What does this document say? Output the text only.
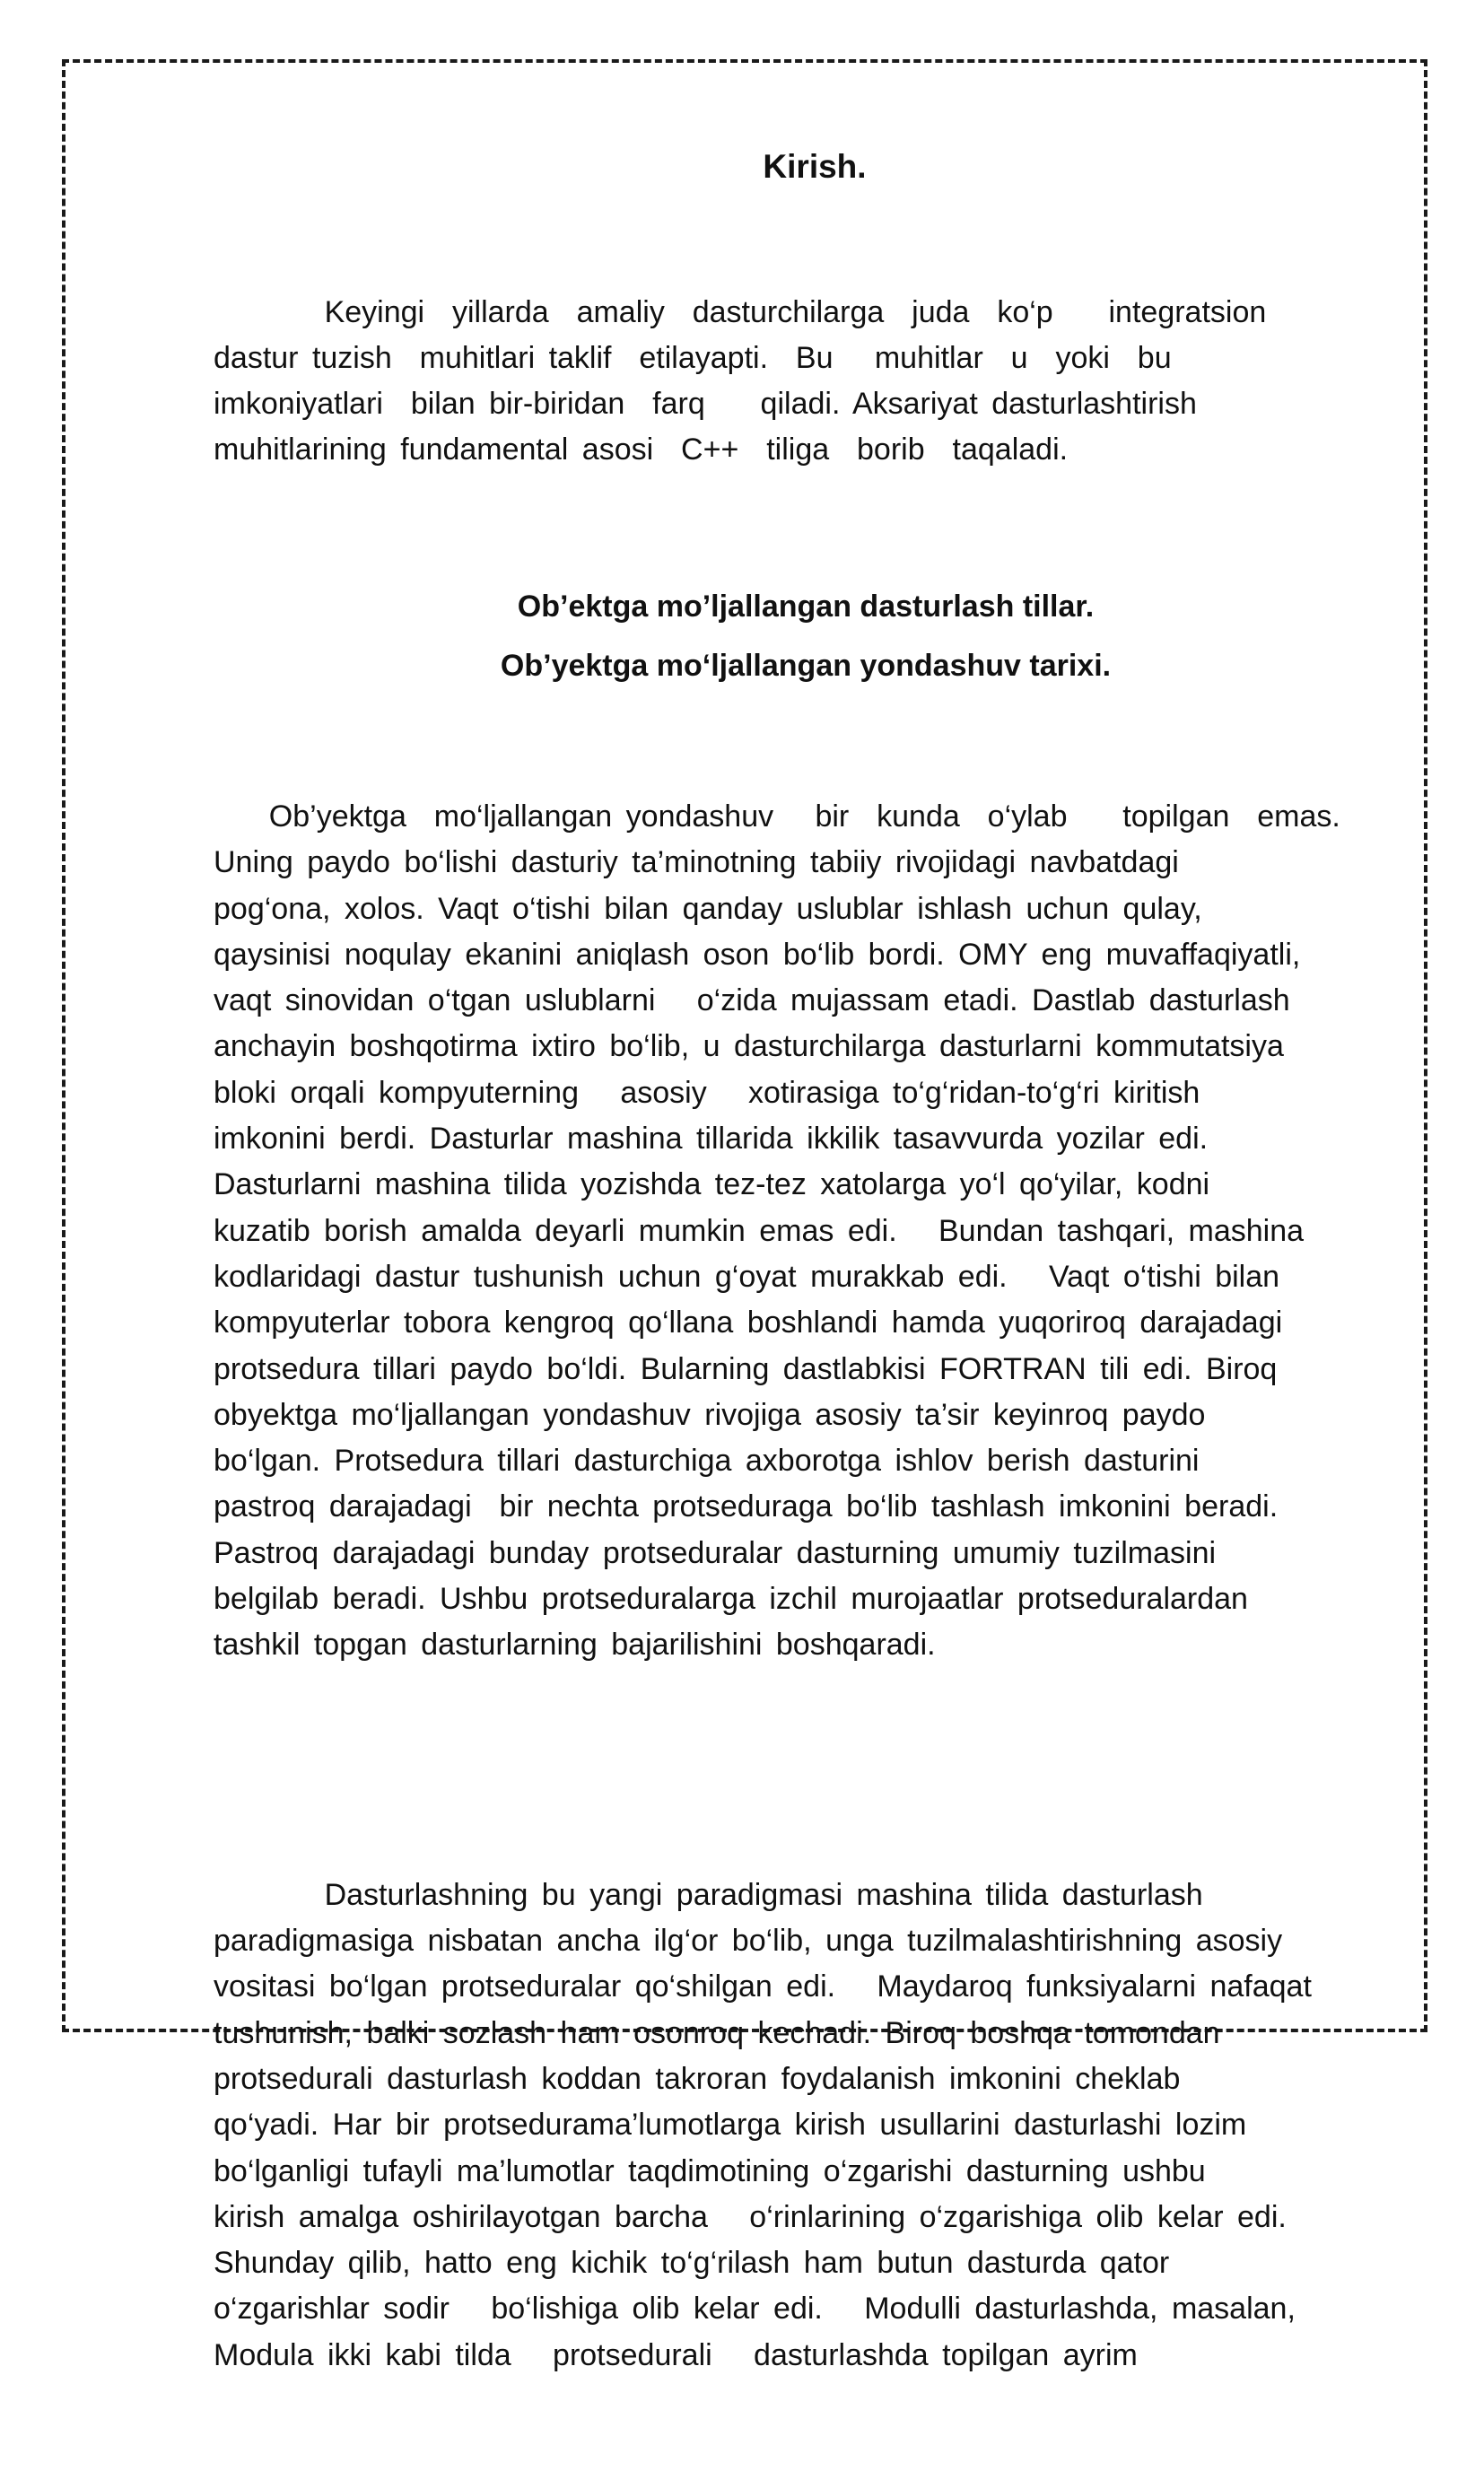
Kirish.

Keyingi  yillarda  amaliy  dasturchilarga  juda  ko‘p    integratsion
dastur tuzish  muhitlari taklif  etilayapti.  Bu   muhitlar  u  yoki  bu
imkoniyatlari  bilan bir-biridan  farq    qiladi. Aksariyat dasturlashtirish
muhitlarining fundamental asosi  C++  tiliga  borib  taqaladi.

Ob’ektga mo’ljallangan dasturlash tillar.
Ob’yektga mo‘ljallangan yondashuv tarixi.

Ob’yektga  mo‘ljallangan yondashuv   bir  kunda  o‘ylab    topilgan  emas.
Uning paydo bo‘lishi dasturiy ta’minotning tabiiy rivojidagi navbatdagi
pog‘ona, xolos. Vaqt o‘tishi bilan qanday uslublar ishlash uchun qulay,
qaysinisi noqulay ekanini aniqlash oson bo‘lib bordi. OMY eng muvaffaqiyatli,
vaqt sinovidan o‘tgan uslublarni   o‘zida mujassam etadi. Dastlab dasturlash
anchayin boshqotirma ixtiro bo‘lib, u dasturchilarga dasturlarni kommutatsiya
bloki orqali kompyuterning   asosiy   xotirasiga to‘g‘ridan-to‘g‘ri kiritish
imkonini berdi. Dasturlar mashina tillarida ikkilik tasavvurda yozilar edi.
Dasturlarni mashina tilida yozishda tez-tez xatolarga yo‘l qo‘yilar, kodni
kuzatib borish amalda deyarli mumkin emas edi.   Bundan tashqari, mashina
kodlaridagi dastur tushunish uchun g‘oyat murakkab edi.   Vaqt o‘tishi bilan
kompyuterlar tobora kengroq qo‘llana boshlandi hamda yuqoriroq darajadagi
protsedura tillari paydo bo‘ldi. Bularning dastlabkisi FORTRAN tili edi. Biroq
obyektga mo‘ljallangan yondashuv rivojiga asosiy ta’sir keyinroq paydo
bo‘lgan. Protsedura tillari dasturchiga axborotga ishlov berish dasturini
pastroq darajadagi  bir nechta protseduraga bo‘lib tashlash imkonini beradi.
Pastroq darajadagi bunday protseduralar dasturning umumiy tuzilmasini
belgilab beradi. Ushbu protseduralarga izchil murojaatlar protseduralardan
tashkil topgan dasturlarning bajarilishini boshqaradi.

Dasturlashning bu yangi paradigmasi mashina tilida dasturlash
paradigmasiga nisbatan ancha ilg‘or bo‘lib, unga tuzilmalashtirishning asosiy
vositasi bo‘lgan protseduralar qo‘shilgan edi.   Maydaroq funksiyalarni nafaqat
tushunish, balki sozlash ham osonroq kechadi. Biroq boshqa tomondan
protsedurali dasturlash koddan takroran foydalanish imkonini cheklab
qo‘yadi. Har bir protsedurama’lumotlarga kirish usullarini dasturlashi lozim
bo‘lganligi tufayli ma’lumotlar taqdimotining o‘zgarishi dasturning ushbu
kirish amalga oshirilayotgan barcha   o‘rinlarining o‘zgarishiga olib kelar edi.
Shunday qilib, hatto eng kichik to‘g‘rilash ham butun dasturda qator
o‘zgarishlar sodir   bo‘lishiga olib kelar edi.   Modulli dasturlashda, masalan,
Modula ikki kabi tilda   protsedurali   dasturlashda topilgan ayrim
